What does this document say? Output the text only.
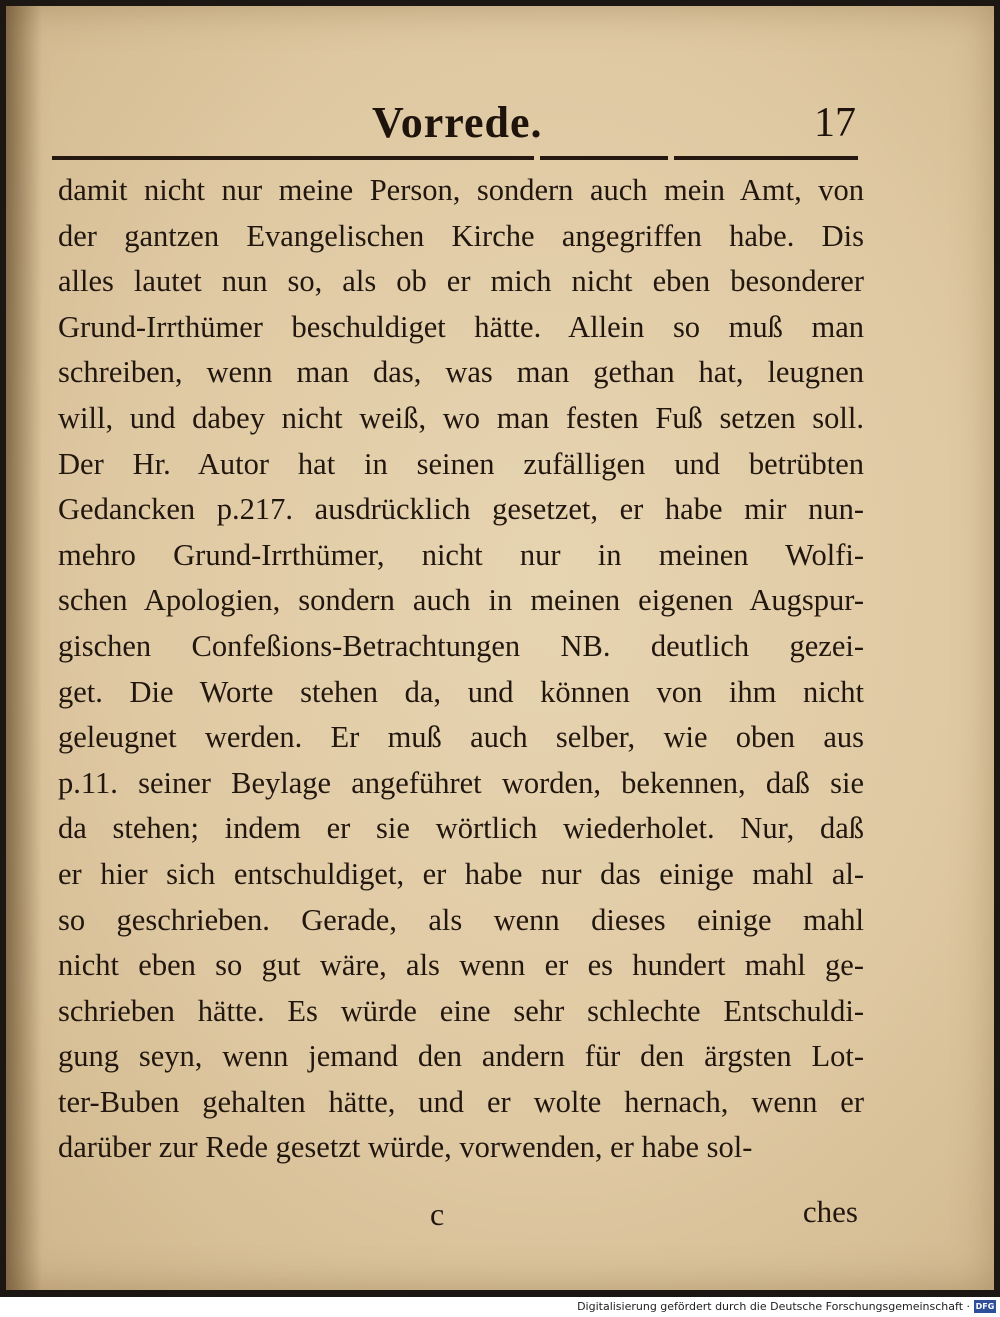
Vorrede.	17
damit nicht nur meine Person, sondern auch mein Amt, von
der gantzen Evangelischen Kirche angegriffen habe. Dis
alles lautet nun so, als ob er mich nicht eben besonderer
Grund-Irrthümer beschuldiget hätte. Allein so muß man
schreiben, wenn man das, was man gethan hat, leugnen
will, und dabey nicht weiß, wo man festen Fuß setzen soll.
Der Hr. Autor hat in seinen zufälligen und betrübten
Gedancken p.217. ausdrücklich gesetzet, er habe mir nun-
mehro Grund-Irrthümer, nicht nur in meinen Wolfi-
schen Apologien, sondern auch in meinen eigenen Augspur-
gischen Confeßions-Betrachtungen NB. deutlich gezei-
get. Die Worte stehen da, und können von ihm nicht
geleugnet werden. Er muß auch selber, wie oben aus
p.11. seiner Beylage angeführet worden, bekennen, daß sie
da stehen; indem er sie wörtlich wiederholet. Nur, daß
er hier sich entschuldiget, er habe nur das einige mahl al-
so geschrieben. Gerade, als wenn dieses einige mahl
nicht eben so gut wäre, als wenn er es hundert mahl ge-
schrieben hätte. Es würde eine sehr schlechte Entschuldi-
gung seyn, wenn jemand den andern für den ärgsten Lot-
ter-Buben gehalten hätte, und er wolte hernach, wenn er
darüber zur Rede gesetzt würde, vorwenden, er habe sol-
c	ches
Digitalisierung gefördert durch die Deutsche Forschungsgemeinschaft · DFG
